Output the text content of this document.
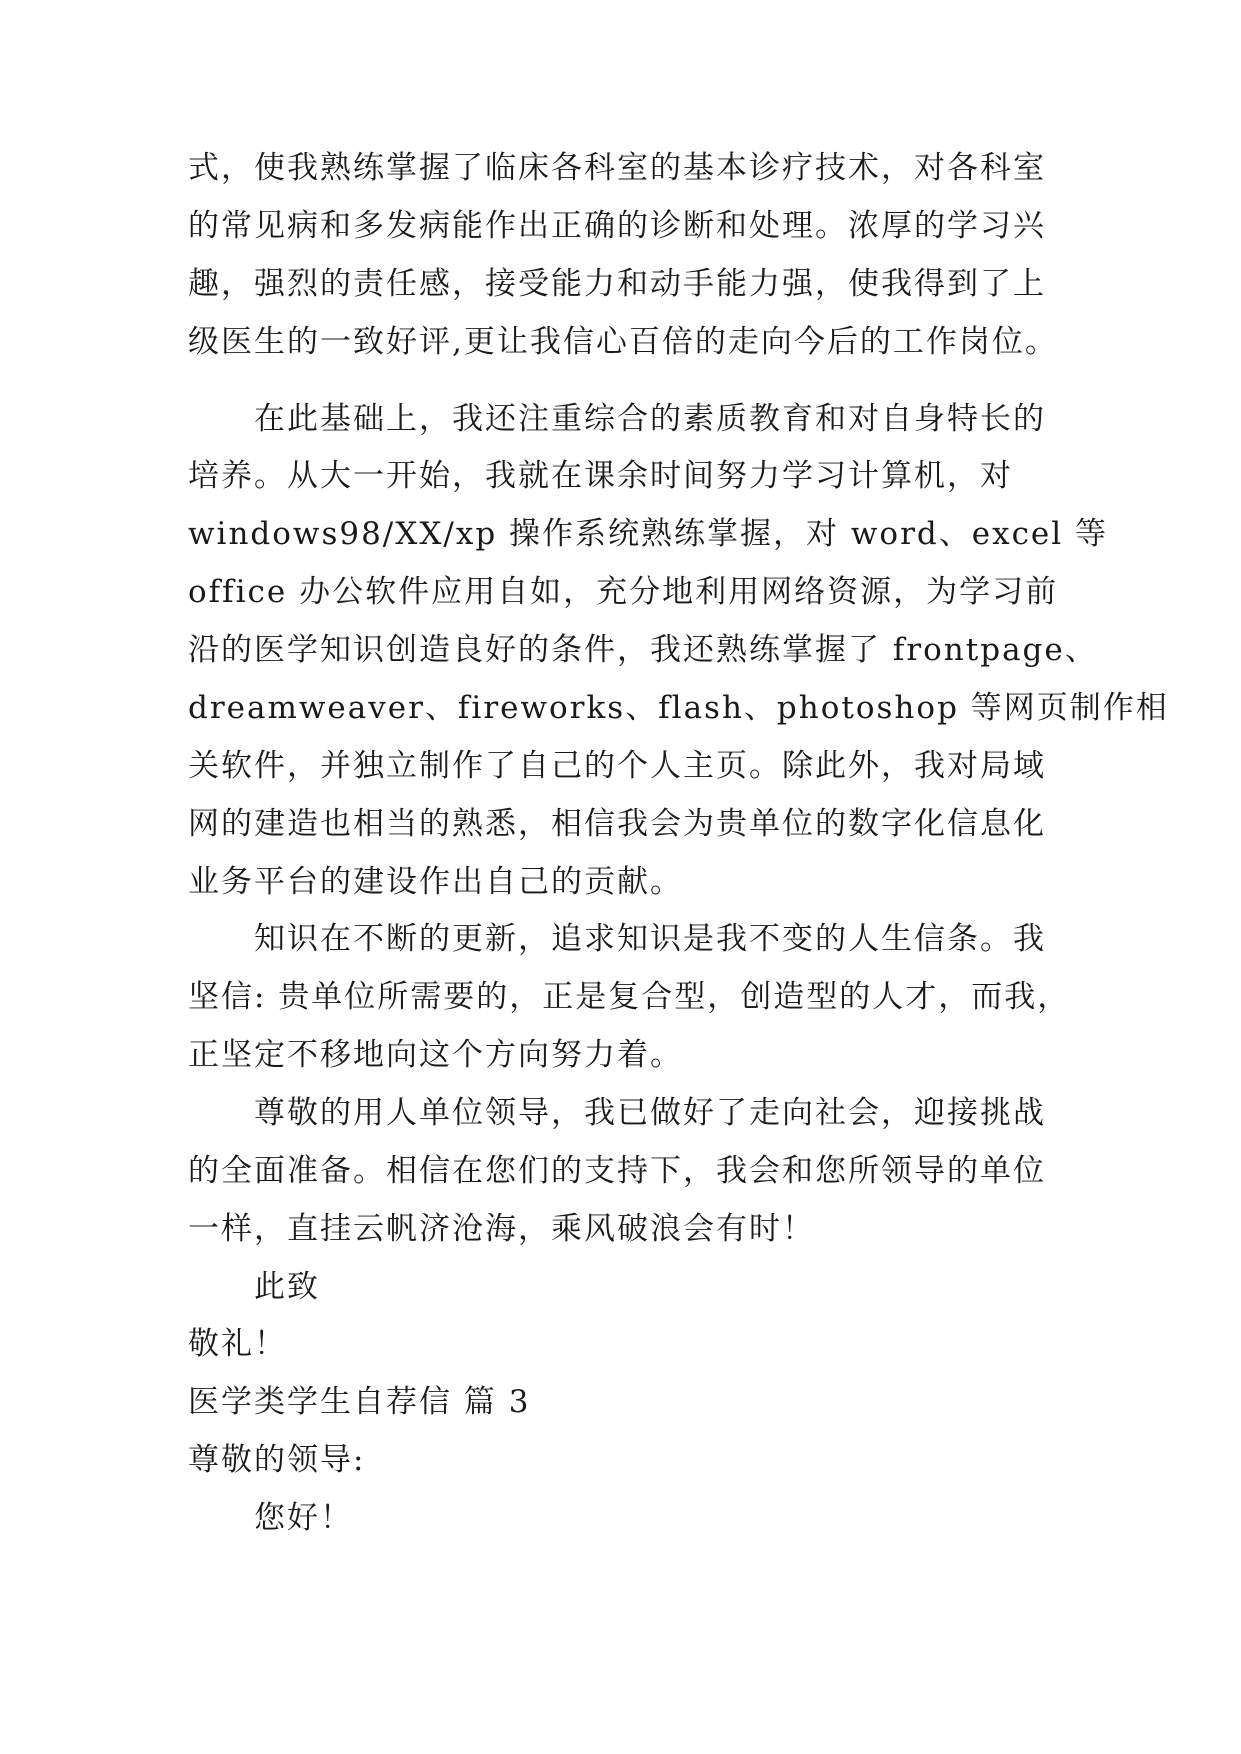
式，使我熟练掌握了临床各科室的基本诊疗技术，对各科室
的常见病和多发病能作出正确的诊断和处理。浓厚的学习兴
趣，强烈的责任感，接受能力和动手能力强，使我得到了上
级医生的一致好评,更让我信心百倍的走向今后的工作岗位。
在此基础上，我还注重综合的素质教育和对自身特长的
培养。从大一开始，我就在课余时间努力学习计算机，对
windows98/XX/xp 操作系统熟练掌握，对 word、excel 等
office 办公软件应用自如，充分地利用网络资源，为学习前
沿的医学知识创造良好的条件，我还熟练掌握了 frontpage、
dreamweaver、fireworks、flash、photoshop 等网页制作相
关软件，并独立制作了自己的个人主页。除此外，我对局域
网的建造也相当的熟悉，相信我会为贵单位的数字化信息化
业务平台的建设作出自己的贡献。
知识在不断的更新，追求知识是我不变的人生信条。我
坚信: 贵单位所需要的，正是复合型，创造型的人才，而我，
正坚定不移地向这个方向努力着。
尊敬的用人单位领导，我已做好了走向社会，迎接挑战
的全面准备。相信在您们的支持下，我会和您所领导的单位
一样，直挂云帆济沧海，乘风破浪会有时！
此致
敬礼！
医学类学生自荐信 篇 3
尊敬的领导:
您好！
